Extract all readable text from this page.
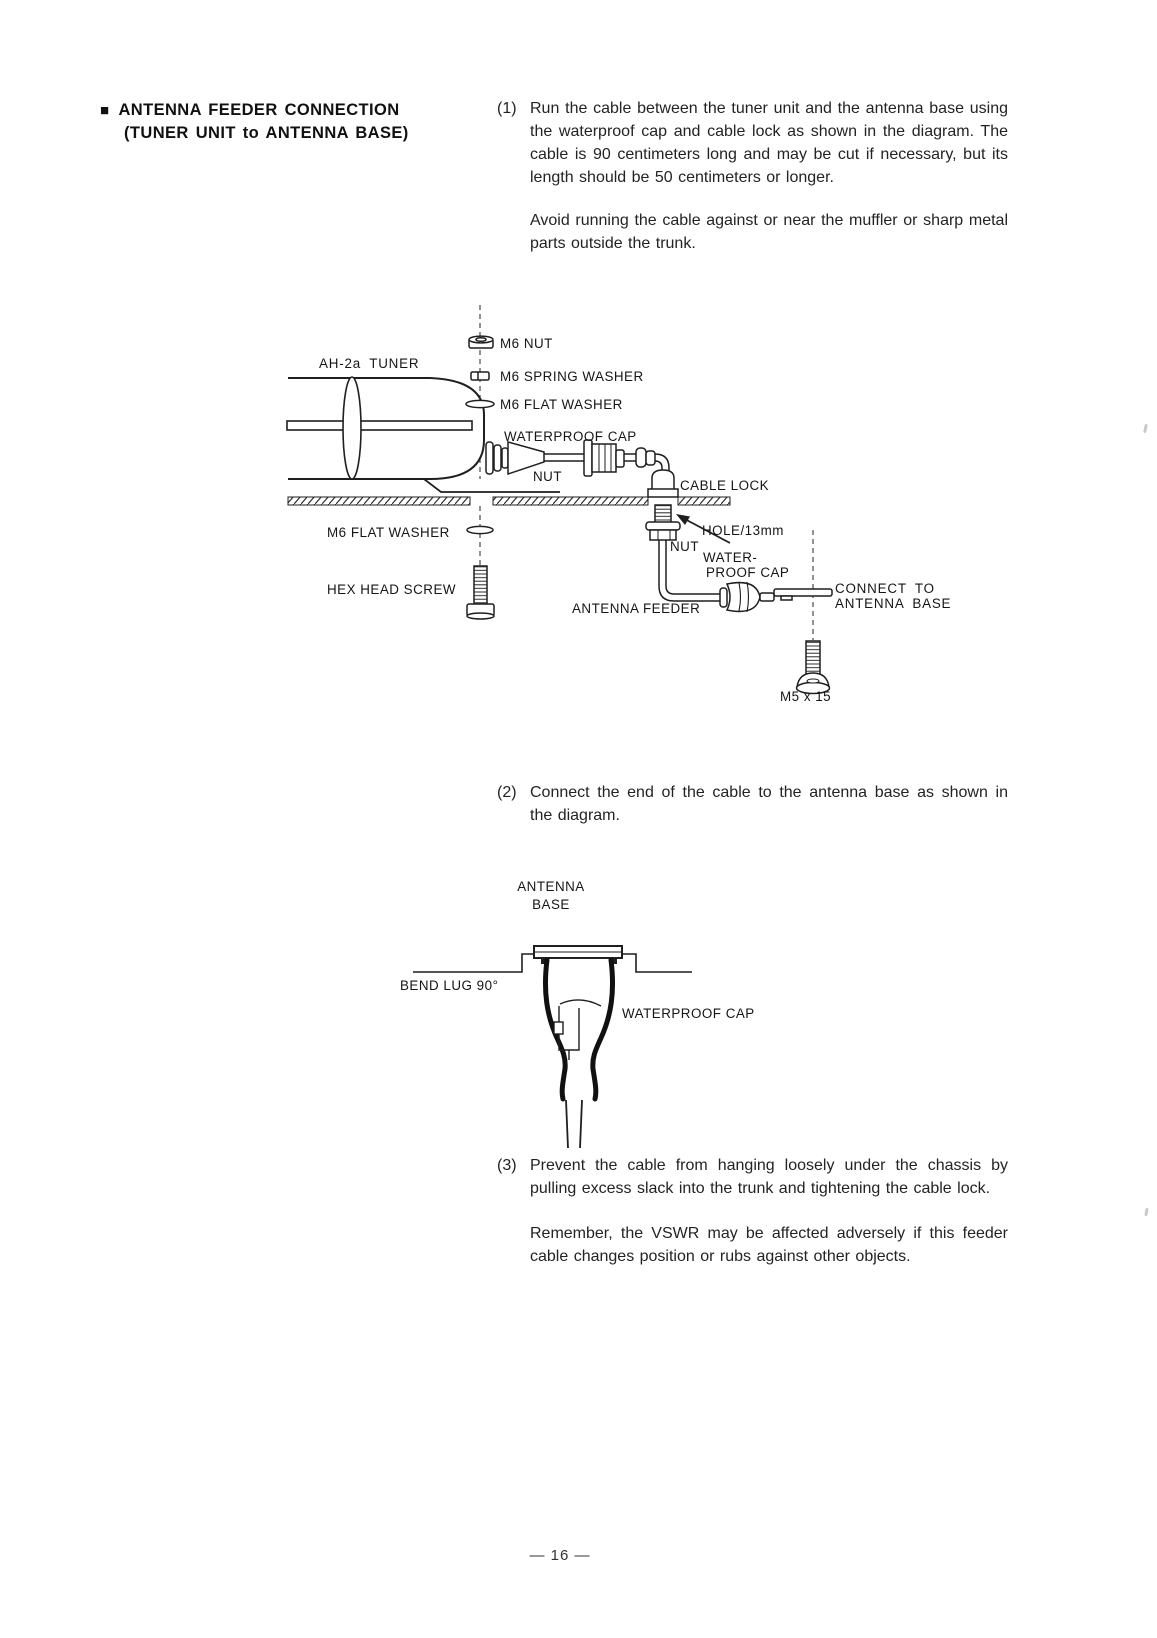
■ ANTENNA FEEDER CONNECTION
(TUNER UNIT to ANTENNA BASE)
(1) Run the cable between the tuner unit and the antenna base using the waterproof cap and cable lock as shown in the diagram. The cable is 90 centimeters long and may be cut if necessary, but its length should be 50 centimeters or longer.
Avoid running the cable against or near the muffler or sharp metal parts outside the trunk.
AH-2a TUNER
M6 NUT
M6 SPRING WASHER
M6 FLAT WASHER
WATERPROOF CAP
NUT
CABLE LOCK
M6 FLAT WASHER	HOLE/13mm
NUT
WATER-
PROOF CAP
HEX HEAD SCREW
ANTENNA FEEDER
CONNECT TO
ANTENNA BASE
M5 x 15
(2) Connect the end of the cable to the antenna base as shown in the diagram.
ANTENNA
BASE
BEND LUG 90°
WATERPROOF CAP
(3) Prevent the cable from hanging loosely under the chassis by pulling excess slack into the trunk and tightening the cable lock.
Remember, the VSWR may be affected adversely if this feeder cable changes position or rubs against other objects.
— 16 —
